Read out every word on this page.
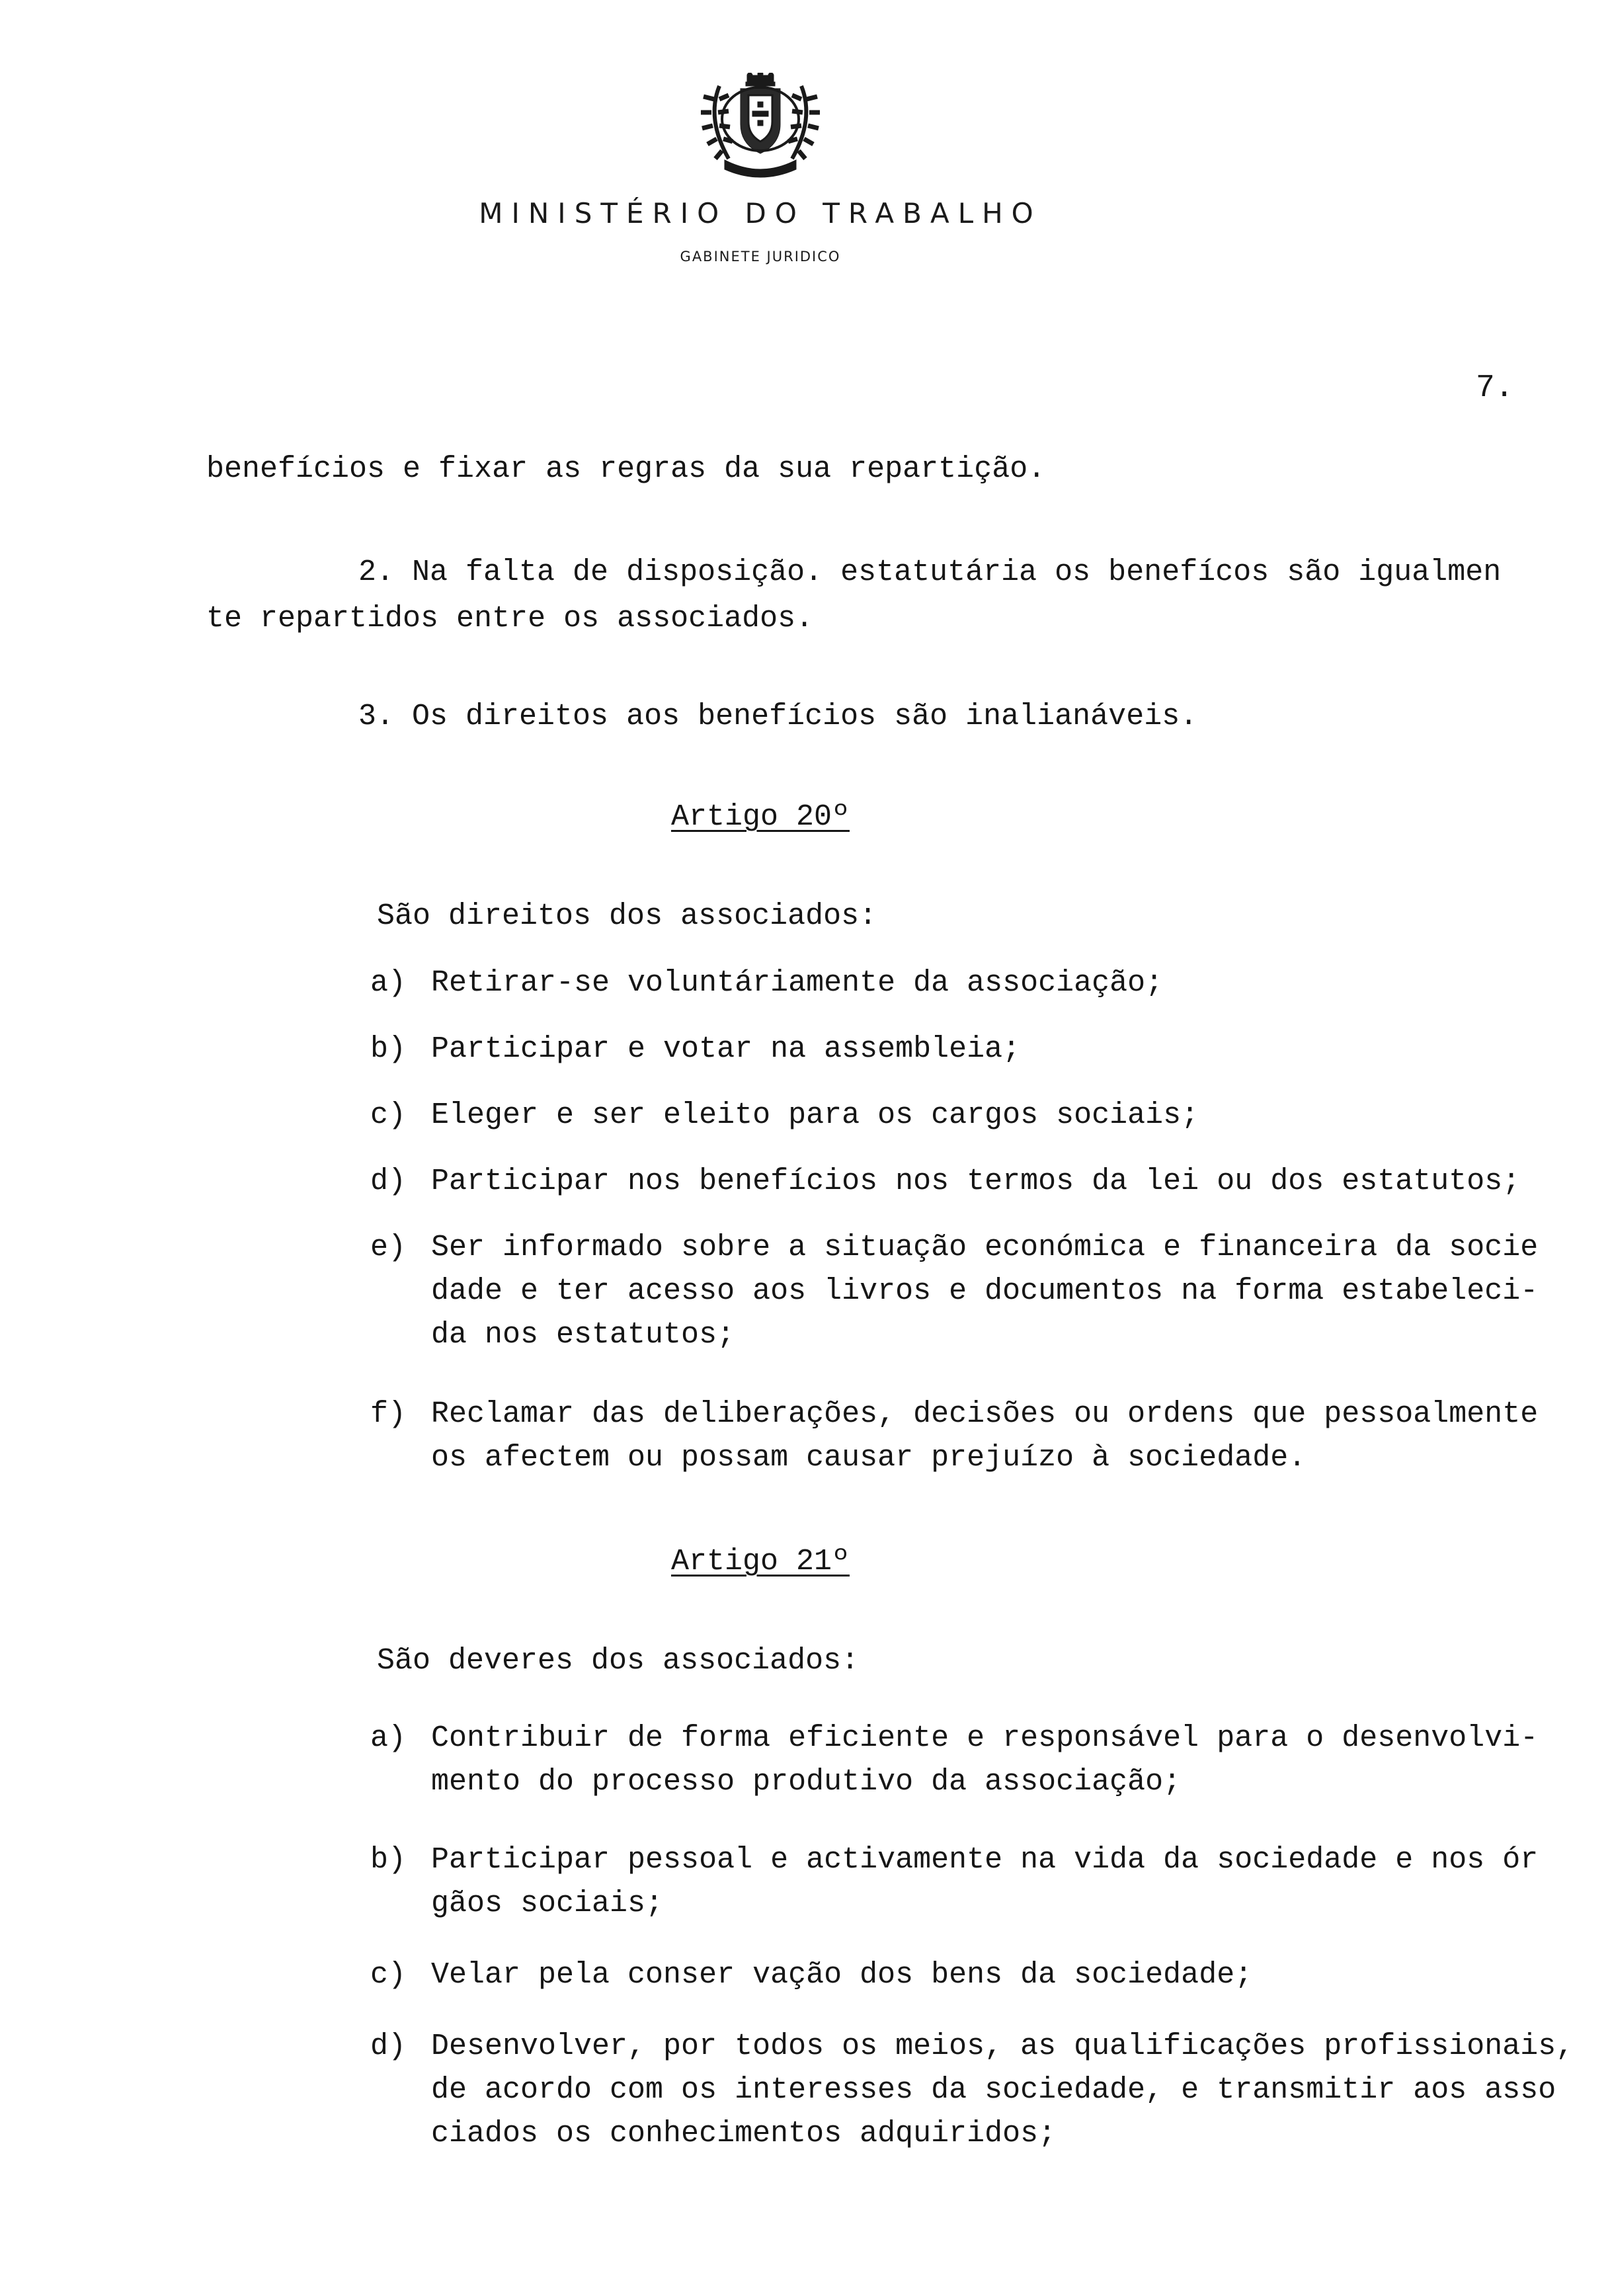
MINISTÉRIO DO TRABALHO
GABINETE JURIDICO
7.

benefícios e fixar as regras da sua repartição.

2. Na falta de disposição. estatutária os benefícos são igualmen

te repartidos entre os associados.

3. Os direitos aos benefícios são inalianáveis.

Artigo 20º

São direitos dos associados:

a) Retirar-se voluntáriamente da associação;
b) Participar e votar na assembleia;
c) Eleger e ser eleito para os cargos sociais;
d) Participar nos benefícios nos termos da lei ou dos estatutos;
e) Ser informado sobre a situação económica e financeira da socie
dade e ter acesso aos livros e documentos na forma estabeleci-
da nos estatutos;
f) Reclamar das deliberações, decisões ou ordens que pessoalmente
os afectem ou possam causar prejuízo à sociedade.
Artigo 21º

São deveres dos associados:

a) Contribuir de forma eficiente e responsável para o desenvolvi-
mento do processo produtivo da associação;
b) Participar pessoal e activamente na vida da sociedade e nos ór
gãos sociais;
c) Velar pela conser vação dos bens da sociedade;
d) Desenvolver, por todos os meios, as qualificações profissionais,
de acordo com os interesses da sociedade, e transmitir aos asso
ciados os conhecimentos adquiridos;
